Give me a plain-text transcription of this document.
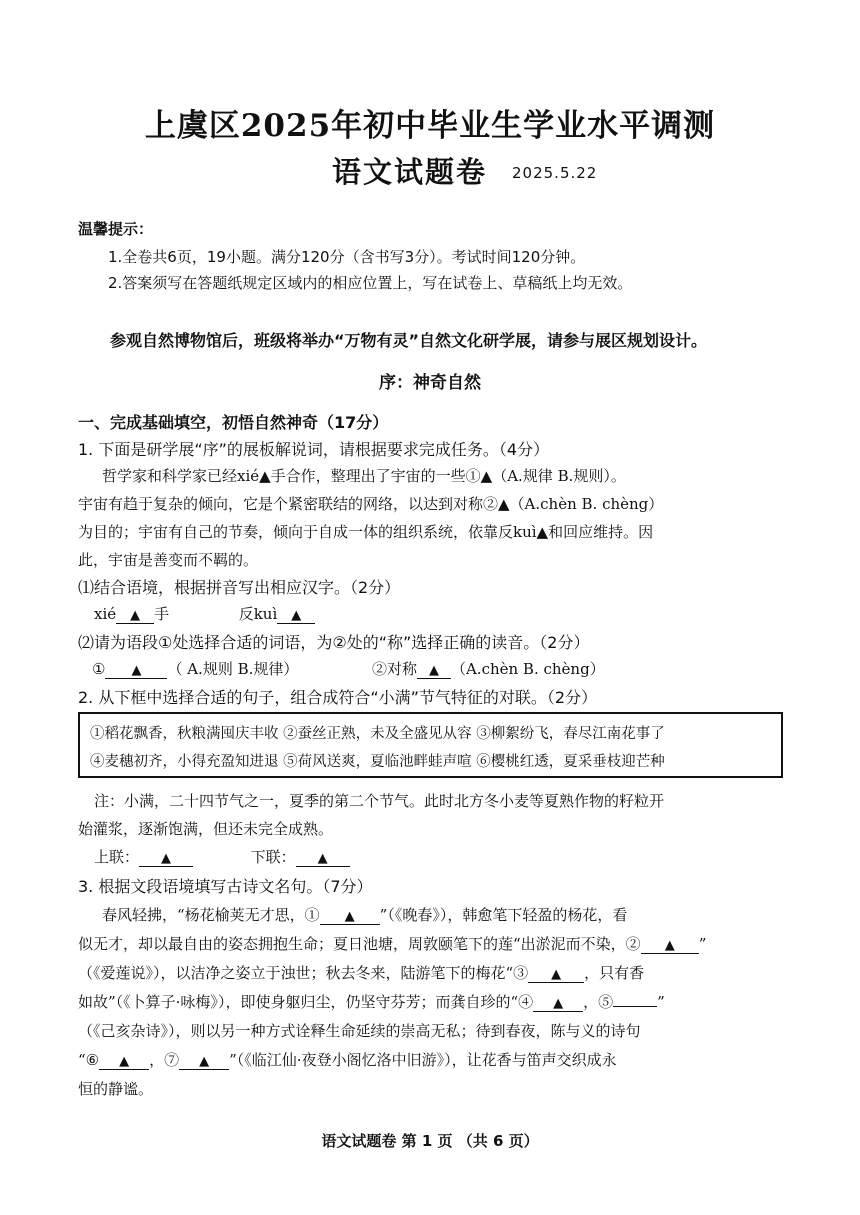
上虞区2025年初中毕业生学业水平调测
语文试题卷 2025.5.22
温馨提示：
1.全卷共6页，19小题。满分120分（含书写3分）。考试时间120分钟。
2.答案须写在答题纸规定区域内的相应位置上，写在试卷上、草稿纸上均无效。
参观自然博物馆后，班级将举办“万物有灵”自然文化研学展，请参与展区规划设计。
序：神奇自然
一、完成基础填空，初悟自然神奇（17分）
1. 下面是研学展“序”的展板解说词，请根据要求完成任务。（4分）
哲学家和科学家已经xié▲手合作，整理出了宇宙的一些①▲（A.规律 B.规则）。
宇宙有趋于复杂的倾向，它是个紧密联结的网络，以达到对称②▲（A.chèn B. chèng）
为目的；宇宙有自己的节奏，倾向于自成一体的组织系统，依靠反kuì▲和回应维持。因
此，宇宙是善变而不羁的。
⑴结合语境，根据拼音写出相应汉字。（2分）
xié ▲ 手	反kuì ▲
⑵请为语段①处选择合适的词语，为②处的“称”选择正确的读音。（2分）
① ▲ （ A.规则 B.规律）	②对称 ▲ （A.chèn B. chèng）
2. 从下框中选择合适的句子，组合成符合“小满”节气特征的对联。（2分）
①稻花飘香，秋粮满囤庆丰收 ②蚕丝正熟，未及全盛见从容 ③柳絮纷飞，春尽江南花事了
④麦穗初齐，小得充盈知进退 ⑤荷风送爽，夏临池畔蛙声喧 ⑥樱桃红透，夏采垂枝迎芒种
注：小满，二十四节气之一，夏季的第二个节气。此时北方冬小麦等夏熟作物的籽粒开
始灌浆，逐渐饱满，但还未完全成熟。
上联： ▲	下联： ▲
3. 根据文段语境填写古诗文名句。（7分）
春风轻拂，“杨花榆荚无才思，① ▲ ”（《晚春》），韩愈笔下轻盈的杨花，看
似无才，却以最自由的姿态拥抱生命；夏日池塘，周敦颐笔下的莲“出淤泥而不染，② ▲ ”
（《爱莲说》），以洁净之姿立于浊世；秋去冬来，陆游笔下的梅花“③ ▲ ，只有香
如故”（《卜算子·咏梅》），即使身躯归尘，仍坚守芬芳；而龚自珍的“④ ▲ ，⑤	”
（《己亥杂诗》），则以另一种方式诠释生命延续的崇高无私；待到春夜，陈与义的诗句
“⑥ ▲ ，⑦ ▲ ”（《临江仙·夜登小阁忆洛中旧游》），让花香与笛声交织成永
恒的静谧。
语文试题卷 第 1 页 （共 6 页）
